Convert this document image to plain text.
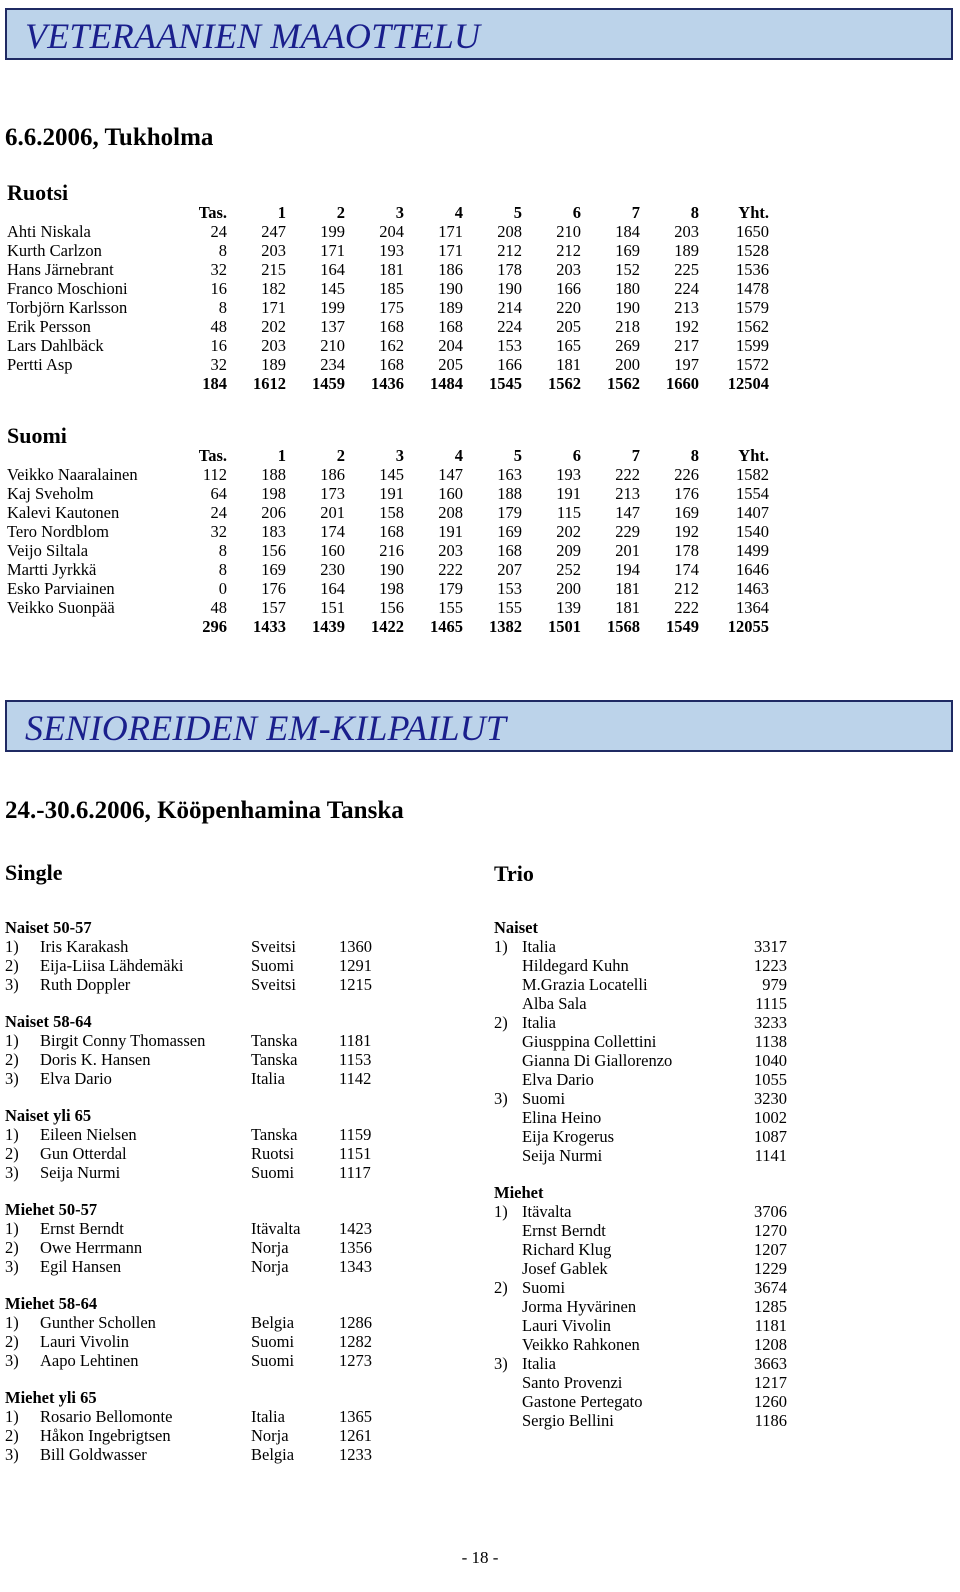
VETERAANIEN MAAOTTELU
6.6.2006, Tukholma
Ruotsi
	Tas.	1	2	3	4	5	6	7	8	Yht.
Ahti Niskala	24	247	199	204	171	208	210	184	203	1650
Kurth Carlzon	8	203	171	193	171	212	212	169	189	1528
Hans Järnebrant	32	215	164	181	186	178	203	152	225	1536
Franco Moschioni	16	182	145	185	190	190	166	180	224	1478
Torbjörn Karlsson	8	171	199	175	189	214	220	190	213	1579
Erik Persson	48	202	137	168	168	224	205	218	192	1562
Lars Dahlbäck	16	203	210	162	204	153	165	269	217	1599
Pertti Asp	32	189	234	168	205	166	181	200	197	1572
	184	1612	1459	1436	1484	1545	1562	1562	1660	12504
Suomi
	Tas.	1	2	3	4	5	6	7	8	Yht.
Veikko Naaralainen	112	188	186	145	147	163	193	222	226	1582
Kaj Sveholm	64	198	173	191	160	188	191	213	176	1554
Kalevi Kautonen	24	206	201	158	208	179	115	147	169	1407
Tero Nordblom	32	183	174	168	191	169	202	229	192	1540
Veijo Siltala	8	156	160	216	203	168	209	201	178	1499
Martti Jyrkkä	8	169	230	190	222	207	252	194	174	1646
Esko Parviainen	0	176	164	198	179	153	200	181	212	1463
Veikko Suonpää	48	157	151	156	155	155	139	181	222	1364
	296	1433	1439	1422	1465	1382	1501	1568	1549	12055
SENIOREIDEN EM-KILPAILUT
24.-30.6.2006, Kööpenhamina Tanska
Single	Trio
Naiset 50-57
1) Iris Karakash	Sveitsi	1360
2) Eija-Liisa Lähdemäki	Suomi	1291
3) Ruth Doppler	Sveitsi	1215
Naiset 58-64
1) Birgit Conny Thomassen	Tanska	1181
2) Doris K. Hansen	Tanska	1153
3) Elva Dario	Italia	1142
Naiset yli 65
1) Eileen Nielsen	Tanska	1159
2) Gun Otterdal	Ruotsi	1151
3) Seija Nurmi	Suomi	1117
Miehet 50-57
1) Ernst Berndt	Itävalta 1423
2) Owe Herrmann	Norja	1356
3) Egil Hansen	Norja	1343
Miehet 58-64
1) Gunther Schollen	Belgia	1286
2) Lauri Vivolin	Suomi	1282
3) Aapo Lehtinen	Suomi	1273
Miehet yli 65
1) Rosario Bellomonte	Italia	1365
2) Håkon Ingebrigtsen	Norja	1261
3) Bill Goldwasser	Belgia	1233
Naiset
1) Italia	3317
Hildegard Kuhn	1223
M.Grazia Locatelli	979
Alba Sala	1115
2) Italia	3233
Giusppina Collettini	1138
Gianna Di Giallorenzo	1040
Elva Dario	1055
3) Suomi	3230
Elina Heino	1002
Eija Krogerus	1087
Seija Nurmi	1141
Miehet
1) Itävalta	3706
Ernst Berndt	1270
Richard Klug	1207
Josef Gablek	1229
2) Suomi	3674
Jorma Hyvärinen	1285
Lauri Vivolin	1181
Veikko Rahkonen	1208
3) Italia	3663
Santo Provenzi	1217
Gastone Pertegato	1260
Sergio Bellini	1186
- 18 -
